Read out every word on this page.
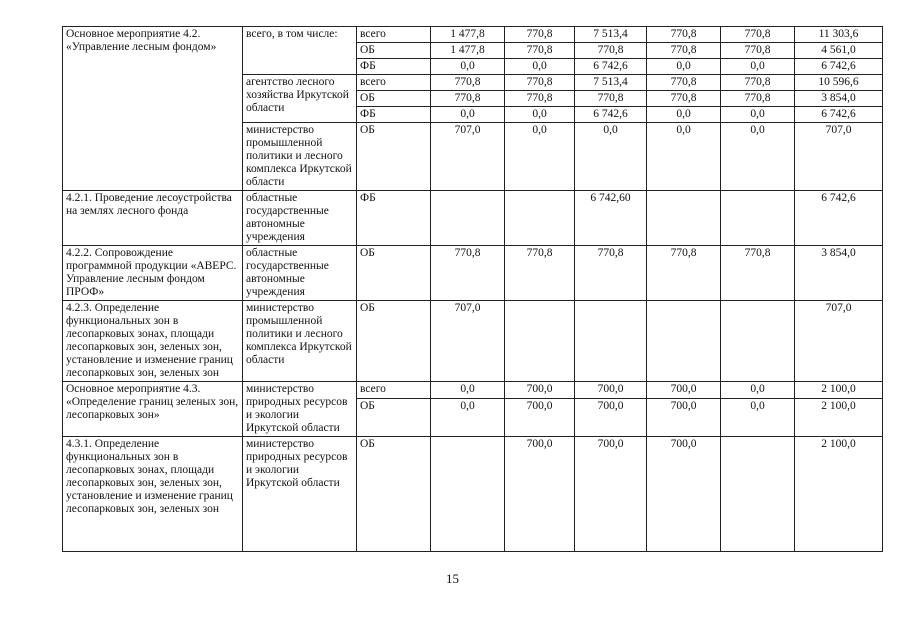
Основное мероприятие 4.2.
«Управление лесным фондом»	всего, в том числе:	всего	1 477,8	770,8	7 513,4	770,8	770,8	11 303,6
		ОБ	1 477,8	770,8	770,8	770,8	770,8	4 561,0
		ФБ	0,0	0,0	6 742,6	0,0	0,0	6 742,6
	агентство лесного хозяйства Иркутской области	всего	770,8	770,8	7 513,4	770,8	770,8	10 596,6
		ОБ	770,8	770,8	770,8	770,8	770,8	3 854,0
		ФБ	0,0	0,0	6 742,6	0,0	0,0	6 742,6
	министерство промышленной политики и лесного комплекса Иркутской области	ОБ	707,0	0,0	0,0	0,0	0,0	707,0
4.2.1. Проведение лесоустройства на землях лесного фонда	областные государственные автономные учреждения	ФБ			6 742,60			6 742,6
4.2.2. Сопровождение программной продукции «АВЕРС. Управление лесным фондом ПРОФ»	областные государственные автономные учреждения	ОБ	770,8	770,8	770,8	770,8	770,8	3 854,0
4.2.3. Определение функциональных зон в лесопарковых зонах, площади лесопарковых зон, зеленых зон, установление и изменение границ лесопарковых зон, зеленых зон	министерство промышленной политики и лесного комплекса Иркутской области	ОБ	707,0					707,0
Основное мероприятие 4.3.
«Определение границ зеленых зон, лесопарковых зон»	министерство природных ресурсов и экологии Иркутской области	всего	0,0	700,0	700,0	700,0	0,0	2 100,0
		ОБ	0,0	700,0	700,0	700,0	0,0	2 100,0
4.3.1. Определение функциональных зон в лесопарковых зонах, площади лесопарковых зон, зеленых зон, установление и изменение границ лесопарковых зон, зеленых зон	министерство природных ресурсов и экологии Иркутской области	ОБ		700,0	700,0	700,0		2 100,0
15
